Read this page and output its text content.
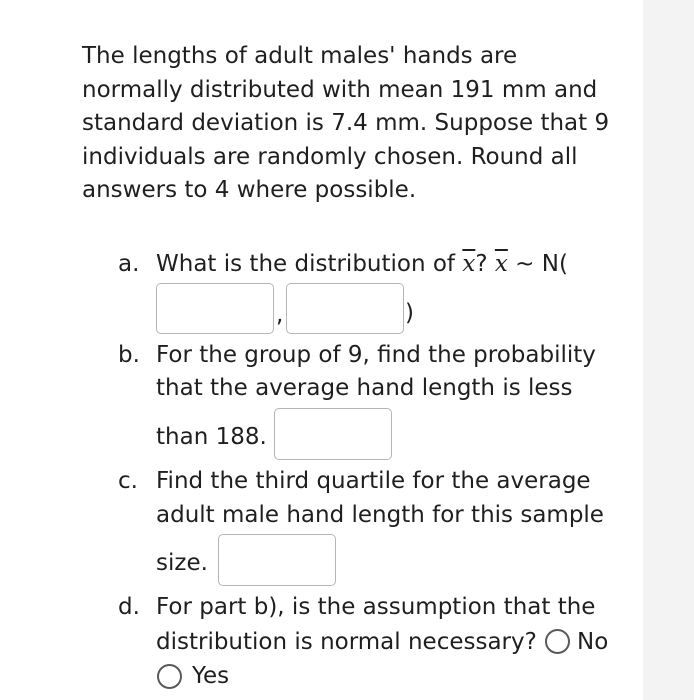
The lengths of adult males' hands are
normally distributed with mean 191 mm and
standard deviation is 7.4 mm. Suppose that 9
individuals are randomly chosen. Round all
answers to 4 where possible.
a. What is the distribution of $\overline{x}$? $\overline{x}$ ~ N(
,	)
b. For the group of 9, find the probability
that the average hand length is less
than 188.
c. Find the third quartile for the average
adult male hand length for this sample
size.
d. For part b), is the assumption that the
distribution is normal necessary? No
Yes
